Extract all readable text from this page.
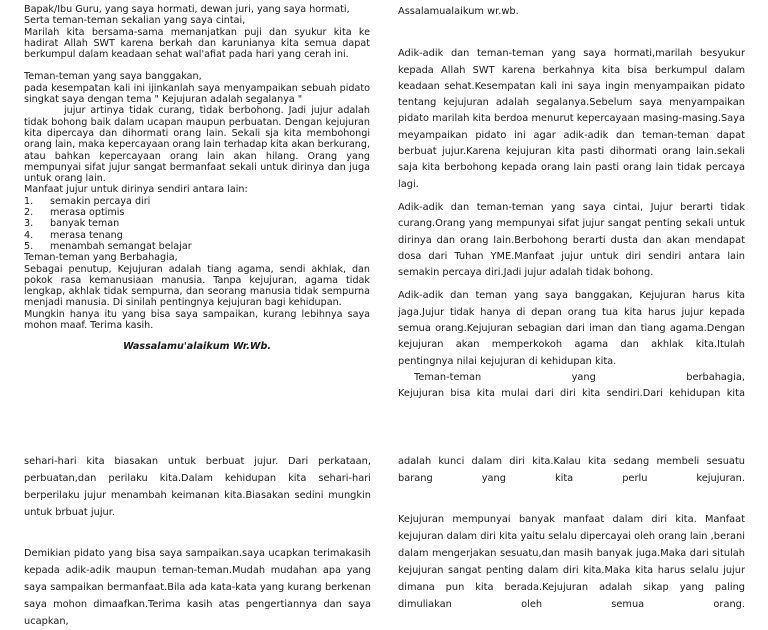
Bapak/Ibu Guru, yang saya hormati, dewan juri, yang saya hormati,

Serta teman-teman sekalian yang saya cintai,

Marilah kita bersama-sama memanjatkan puji dan syukur kita ke hadirat Allah SWT karena berkah dan karunianya kita semua dapat berkumpul dalam keadaan sehat wal'afiat pada hari yang cerah ini.

Teman-teman yang saya banggakan,

pada kesempatan kali ini ijinkanlah saya menyampaikan sebuah pidato singkat saya dengan tema " Kejujuran adalah segalanya "

jujur artinya tidak curang, tidak berbohong. Jadi jujur adalah tidak bohong baik dalam ucapan maupun perbuatan. Dengan kejujuran kita dipercaya dan dihormati orang lain. Sekali sja kita membohongi orang lain, maka kepercayaan orang lain terhadap kita akan berkurang, atau bahkan kepercayaan orang lain akan hilang. Orang yang mempunyai sifat jujur sangat bermanfaat sekali untuk dirinya dan juga untuk orang lain.

Manfaat jujur untuk dirinya sendiri antara lain:

1.	semakin percaya diri
2.	merasa optimis
3.	banyak teman
4.	merasa tenang
5.	menambah semangat belajar

Teman-teman yang Berbahagia,

Sebagai penutup, Kejujuran adalah tiang agama, sendi akhlak, dan pokok rasa kemanusiaan manusia. Tanpa kejujuran, agama tidak lengkap, akhlak tidak sempurna, dan seorang manusia tidak sempurna menjadi manusia. Di sinilah pentingnya kejujuran bagi kehidupan.

Mungkin hanya itu yang bisa saya sampaikan, kurang lebihnya saya mohon maaf. Terima kasih.

Wassalamu'alaikum Wr.Wb.

Assalamualaikum wr.wb.

Adik-adik dan teman-teman yang saya hormati,marilah besyukur kepada Allah SWT karena berkahnya kita bisa berkumpul dalam keadaan sehat.Kesempatan kali ini saya ingin menyampaikan pidato tentang kejujuran adalah segalanya.Sebelum saya menyampaikan pidato marilah kita berdoa menurut kepercayaan masing-masing.Saya meyampaikan pidato ini agar adik-adik dan teman-teman dapat berbuat jujur.Karena kejujuran kita pasti dihormati orang lain.sekali saja kita berbohong kepada orang lain pasti orang lain tidak percaya lagi.

Adik-adik dan teman-teman yang saya cintai, Jujur berarti tidak curang.Orang yang mempunyai sifat jujur sangat penting sekali untuk dirinya dan orang lain.Berbohong berarti dusta dan akan mendapat dosa dari Tuhan YME.Manfaat jujur untuk diri sendiri antara lain semakin percaya diri.Jadi jujur adalah tidak bohong.

Adik-adik dan teman yang saya banggakan, Kejujuran harus kita jaga.Jujur tidak hanya di depan orang tua kita harus jujur kepada semua orang.Kejujuran sebagian dari iman dan tiang agama.Dengan kejujuran akan memperkokoh agama dan akhlak kita.Itulah pentingnya nilai kejujuran di kehidupan kita.

Teman-teman yang berbahagia,

Kejujuran bisa kita mulai dari diri kita sendiri.Dari kehidupan kita

sehari-hari kita biasakan untuk berbuat jujur. Dari perkataan, perbuatan,dan perilaku kita.Dalam kehidupan kita sehari-hari berperilaku jujur menambah keimanan kita.Biasakan sedini mungkin untuk brbuat jujur.

Demikian pidato yang bisa saya sampaikan.saya ucapkan terimakasih kepada adik-adik maupun teman-teman.Mudah mudahan apa yang saya sampaikan bermanfaat.Bila ada kata-kata yang kurang berkenan saya mohon dimaafkan.Terima kasih atas pengertiannya dan saya ucapkan,

adalah kunci dalam diri kita.Kalau kita sedang membeli sesuatu barang yang kita perlu kejujuran.

Kejujuran mempunyai banyak manfaat dalam diri kita. Manfaat kejujuran dalam diri kita yaitu selalu dipercayai oleh orang lain ,berani dalam mengerjakan sesuatu,dan masih banyak juga.Maka dari situlah kejujuran sangat penting dalam diri kita.Maka kita harus selalu jujur dimana pun kita berada.Kejujuran adalah sikap yang paling dimuliakan oleh semua orang.
